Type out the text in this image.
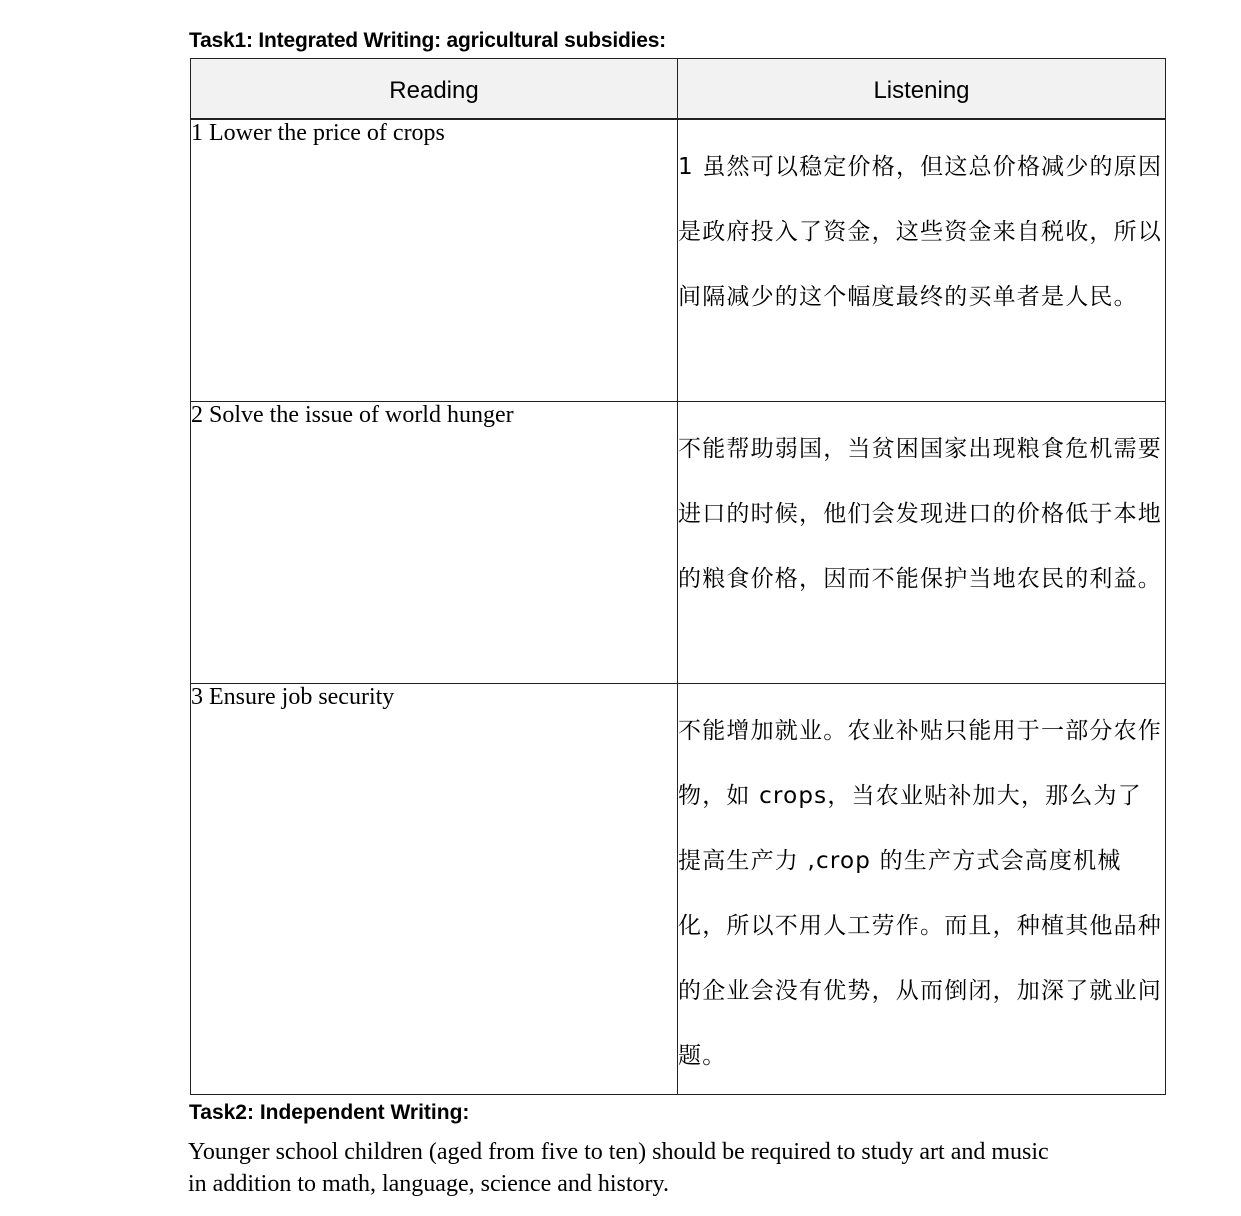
Task1: Integrated Writing: agricultural subsidies:
Reading	Listening
1 Lower the price of crops	1 虽然可以稳定价格，但这总价格减少的原因是政府投入了资金，这些资金来自税收，所以间隔减少的这个幅度最终的买单者是人民。

2 Solve the issue of world hunger	不能帮助弱国，当贫困国家出现粮食危机需要进口的时候，他们会发现进口的价格低于本地的粮食价格，因而不能保护当地农民的利益。

3 Ensure job security	不能增加就业。农业补贴只能用于一部分农作物，如 crops，当农业贴补加大，那么为了提高生产力 ,crop 的生产方式会高度机械化，所以不用人工劳作。而且，种植其他品种的企业会没有优势，从而倒闭，加深了就业问题。
Task2: Independent Writing:
Younger school children (aged from five to ten) should be required to study art and music in addition to math, language, science and history.
